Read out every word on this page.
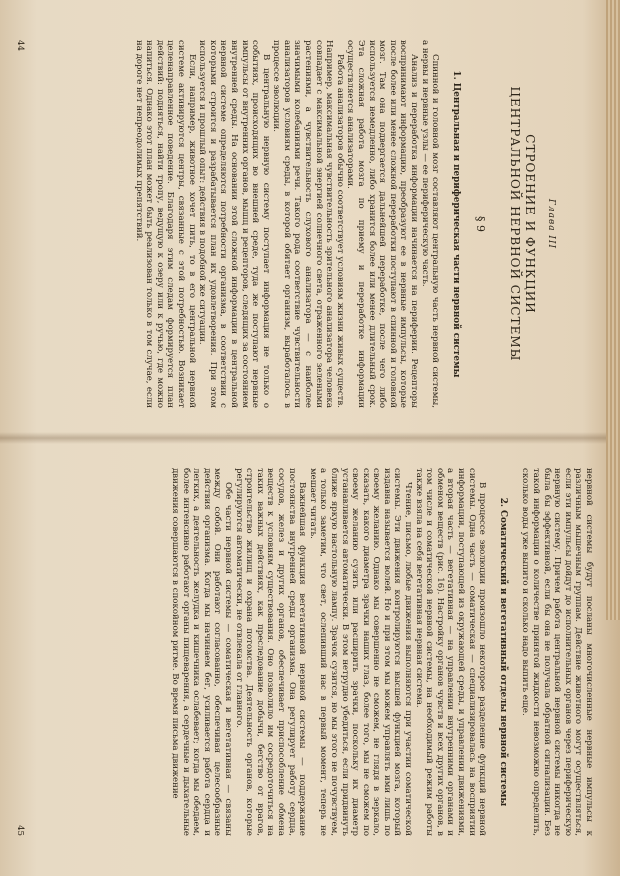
Глава III
СТРОЕНИЕ И ФУНКЦИИ
ЦЕНТРАЛЬНОЙ НЕРВНОЙ СИСТЕМЫ
§ 9
1. Центральная и периферическая части нервной системы

Спинной и головной мозг составляют центральную часть нервной системы, а нервы и нервные узлы — ее периферическую часть.

Анализ и переработка информации начинается на периферии. Рецепторы воспринимают информацию, преобразуют ее в нервные импульсы, которые после более или менее сложной переработки поступают в спинной и головной мозг. Там она подвергается дальнейшей переработке, после чего либо используется немедленно, либо хранится более или менее длительный срок. Эта сложная работа мозга по приему и переработке информации осуществляется анализаторами.

Работа анализаторов обычно соответствует условиям жизни живых существ. Например, максимальная чувствительность зрительного анализатора человека совпадает с максимальной энергией солнечного света, отраженного зелеными растениями, а чувствительность слухового анализатора — с наиболее значимыми колебаниями речи. Такого рода соответствие чувствительности анализаторов условиям среды, в которой обитает организм, выработалось в процессе эволюции.

В центральную нервную систему поступает информация не только о событиях, происходящих во внешней среде, туда же поступают нервные импульсы от внутренних органов, мышц и рецепторов, следящих за состоянием внутренней среды. На основании этой сложной информации в центральной нервной системе определяются потребности организма, в соответствии с которыми строится и разрабатывается план их удовлетворения. При этом используется и прошлый опыт: действия в подобной же ситуации.

Если, например, животное хочет пить, то в его центральной нервной системе активируются центры, связанные с этой потребностью. Возникает целенаправленное поведение. Благодаря этим следам формируется план действий: подняться, найти тропу, ведущую к озеру или к ручью, где можно напиться. Однако этот план может быть реализован только в том случае, если на дороге нет непреодолимых препятствий.

44

нервной системы будут посланы многочисленные нервные импульсы к различным мышечным группам. Действие животного могут осуществляться, если эти импульсы дойдут до исполнительных органов через периферическую нервную систему. Причем работа центральной нервной системы никогда не была бы эффективной, если бы она не получала обратной сигнализации. Без такой информации о количестве принятой жидкости невозможно определить, сколько воды уже выпито и сколько надо выпить еще.

2. Соматический и вегетативный отделы нервной системы

В процессе эволюции произошло некоторое разделение функций нервной системы. Одна часть — соматическая — специализировалась на восприятии информации, поступающей из окружающей среды, и управлении движениями, а вторая часть — вегетативная — на управлении внутренними органами и обменом веществ (рис. 16). Настройку органов чувств и всех других органов, в том числе и соматической нервной системы, на необходимый режим работы также взяла на себя вегетативная нервная система.

Чтение, письмо, любые движения выполняются при участии соматической системы. Эти движения контролируются высшей функцией мозга, который издавна называется волей. Но и при этом мы можем управлять ими лишь по своему желанию. Однако мы совершенно не сможем, не глядя в зеркало, сказать, какого диаметра зрачки наших глаз, более того, мы не сможем по своему желанию сузить или расширить зрачки, поскольку их диаметр устанавливается автоматически. В этом нетрудно убедиться, если придвинуть ближе яркую настольную лампу. Зрачок сузится, но мы этого не почувствуем, а только заметим, что свет, ослепивший нас в первый момент, теперь не мешает читать.

Важнейшая функция вегетативной нервной системы — поддержание постоянства внутренней среды организма. Она регулирует работу сердца, сосудов, желез и других органов, обеспечивает приспособление обмена веществ к условиям существования. Оно позволило им сосредоточиться на таких важных действиях, как преследование добычи, бегство от врагов, строительство жилищ и охрана потомства. Деятельность органов, которые регулируются автоматически, не отвлекала от главного.

Обе части нервной системы — соматическая и вегетативная — связаны между собой. Они работают согласованно, обеспечивая целесообразные действия организма. Когда мы начинаем бег, усиливается работа сердца и легких, а деятельность желудка и кишечника ослабевает; когда мы обедаем, более интенсивно работают органы пищеварения, а сердечные и дыхательные движения совершаются в спокойном ритме. Во время письма движение

45
